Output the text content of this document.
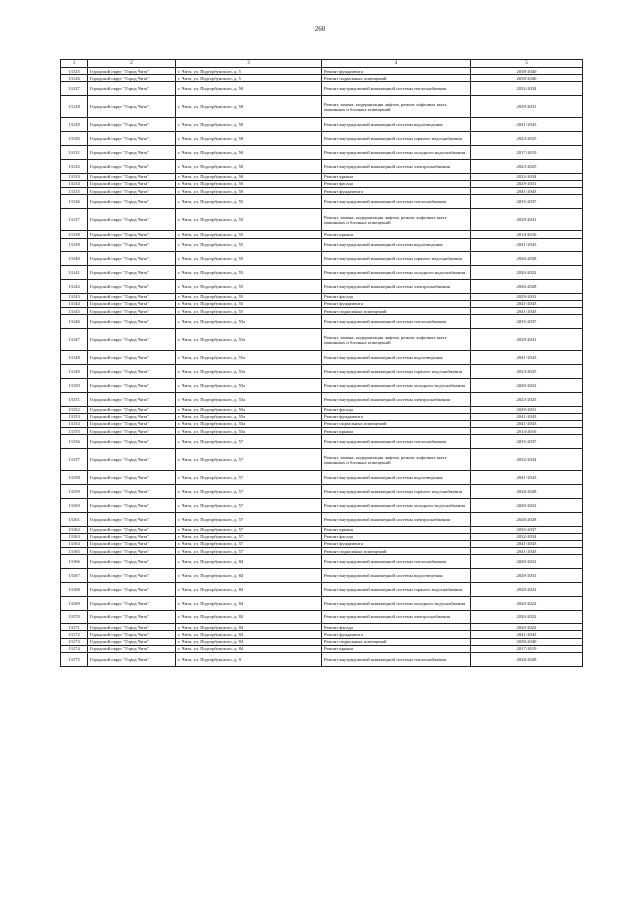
260
1	2	3	4	5
13125	Городской округ "Город Чита"	г. Чита, ул. Подгорбунского, д. 5	Ремонт фундамента	2038-2040
13126	Городской округ "Город Чита"	г. Чита, ул. Подгорбунского, д. 5	Ремонт подвальных помещений	2038-2040
13127	Городской округ "Город Чита"	г. Чита, ул. Подгорбунского, д. 50	Ремонт внутридомовой инженерной системы теплоснабжения	2032-2034
13128	Городской округ "Город Чита"	г. Чита, ул. Подгорбунского, д. 50	Ремонт, замена, модернизация лифтов, ремонт лифтовых шахт, машинных и блочных помещений	2029-2031
13129	Городской округ "Город Чита"	г. Чита, ул. Подгорбунского, д. 50	Ремонт внутридомовой инженерной системы водоотведения	2041-2043
13130	Городской округ "Город Чита"	г. Чита, ул. Подгорбунского, д. 50	Ремонт внутридомовой инженерной системы горячего водоснабжения	2023-2025
13131	Городской округ "Город Чита"	г. Чита, ул. Подгорбунского, д. 50	Ремонт внутридомовой инженерной системы холодного водоснабжения	2017-2019
13132	Городской округ "Город Чита"	г. Чита, ул. Подгорбунского, д. 50	Ремонт внутридомовой инженерной системы электроснабжения	2023-2025
13133	Городской округ "Город Чита"	г. Чита, ул. Подгорбунского, д. 50	Ремонт крыши	2032-2034
13134	Городской округ "Город Чита"	г. Чита, ул. Подгорбунского, д. 50	Ремонт фасада	2029-2031
13135	Городской округ "Город Чита"	г. Чита, ул. Подгорбунского, д. 50	Ремонт фундамента	2041-2043
13136	Городской округ "Город Чита"	г. Чита, ул. Подгорбунского, д. 55	Ремонт внутридомовой инженерной системы теплоснабжения	2035-2037
13137	Городской округ "Город Чита"	г. Чита, ул. Подгорбунского, д. 55	Ремонт, замена, модернизация лифтов, ремонт лифтовых шахт, машинных и блочных помещений	2029-2031
13138	Городской округ "Город Чита"	г. Чита, ул. Подгорбунского, д. 55	Ремонт крыши	2014-2016
13139	Городской округ "Город Чита"	г. Чита, ул. Подгорбунского, д. 55	Ремонт внутридомовой инженерной системы водоотведения	2041-2043
13140	Городской округ "Город Чита"	г. Чита, ул. Подгорбунского, д. 55	Ремонт внутридомовой инженерной системы горячего водоснабжения	2026-2028
13141	Городской округ "Город Чита"	г. Чита, ул. Подгорбунского, д. 55	Ремонт внутридомовой инженерной системы холодного водоснабжения	2020-2022
13142	Городской округ "Город Чита"	г. Чита, ул. Подгорбунского, д. 55	Ремонт внутридомовой инженерной системы электроснабжения	2026-2028
13143	Городской округ "Город Чита"	г. Чита, ул. Подгорбунского, д. 55	Ремонт фасада	2029-2031
13144	Городской округ "Город Чита"	г. Чита, ул. Подгорбунского, д. 55	Ремонт фундамента	2041-2043
13145	Городской округ "Город Чита"	г. Чита, ул. Подгорбунского, д. 55	Ремонт подвальных помещений	2041-2043
13146	Городской округ "Город Чита"	г. Чита, ул. Подгорбунского, д. 55а	Ремонт внутридомовой инженерной системы теплоснабжения	2035-2037
13147	Городской округ "Город Чита"	г. Чита, ул. Подгорбунского, д. 55а	Ремонт, замена, модернизация лифтов, ремонт лифтовых шахт, машинных и блочных помещений	2029-2031
13148	Городской округ "Город Чита"	г. Чита, ул. Подгорбунского, д. 55а	Ремонт внутридомовой инженерной системы водоотведения	2041-2043
13149	Городской округ "Город Чита"	г. Чита, ул. Подгорбунского, д. 55а	Ремонт внутридомовой инженерной системы горячего водоснабжения	2023-2025
13150	Городской округ "Город Чита"	г. Чита, ул. Подгорбунского, д. 55а	Ремонт внутридомовой инженерной системы холодного водоснабжения	2020-2022
13151	Городской округ "Город Чита"	г. Чита, ул. Подгорбунского, д. 55а	Ремонт внутридомовой инженерной системы электроснабжения	2023-2025
13152	Городской округ "Город Чита"	г. Чита, ул. Подгорбунского, д. 55а	Ремонт фасада	2029-2031
13153	Городской округ "Город Чита"	г. Чита, ул. Подгорбунского, д. 55а	Ремонт фундамента	2041-2043
13154	Городской округ "Город Чита"	г. Чита, ул. Подгорбунского, д. 55а	Ремонт подвальных помещений	2041-2043
13155	Городской округ "Город Чита"	г. Чита, ул. Подгорбунского, д. 55а	Ремонт крыши	2014-2016
13156	Городской округ "Город Чита"	г. Чита, ул. Подгорбунского, д. 57	Ремонт внутридомовой инженерной системы теплоснабжения	2035-2037
13157	Городской округ "Город Чита"	г. Чита, ул. Подгорбунского, д. 57	Ремонт, замена, модернизация лифтов, ремонт лифтовых шахт, машинных и блочных помещений	2032-2034
13158	Городской округ "Город Чита"	г. Чита, ул. Подгорбунского, д. 57	Ремонт внутридомовой инженерной системы водоотведения	2041-2043
13159	Городской округ "Город Чита"	г. Чита, ул. Подгорбунского, д. 57	Ремонт внутридомовой инженерной системы горячего водоснабжения	2026-2028
13160	Городской округ "Город Чита"	г. Чита, ул. Подгорбунского, д. 57	Ремонт внутридомовой инженерной системы холодного водоснабжения	2020-2022
13161	Городской округ "Город Чита"	г. Чита, ул. Подгорбунского, д. 57	Ремонт внутридомовой инженерной системы электроснабжения	2026-2028
13162	Городской округ "Город Чита"	г. Чита, ул. Подгорбунского, д. 57	Ремонт крыши	2035-2037
13163	Городской округ "Город Чита"	г. Чита, ул. Подгорбунского, д. 57	Ремонт фасада	2032-2034
13164	Городской округ "Город Чита"	г. Чита, ул. Подгорбунского, д. 57	Ремонт фундамента	2041-2043
13165	Городской округ "Город Чита"	г. Чита, ул. Подгорбунского, д. 57	Ремонт подвальных помещений	2041-2043
13166	Городской округ "Город Чита"	г. Чита, ул. Подгорбунского, д. 84	Ремонт внутридомовой инженерной системы теплоснабжения	2020-2022
13167	Городской округ "Город Чита"	г. Чита, ул. Подгорбунского, д. 84	Ремонт внутридомовой инженерной системы водоотведения	2029-2031
13168	Городской округ "Город Чита"	г. Чита, ул. Подгорбунского, д. 84	Ремонт внутридомовой инженерной системы горячего водоснабжения	2020-2022
13169	Городской округ "Город Чита"	г. Чита, ул. Подгорбунского, д. 84	Ремонт внутридомовой инженерной системы холодного водоснабжения	2020-2022
13170	Городской округ "Город Чита"	г. Чита, ул. Подгорбунского, д. 84	Ремонт внутридомовой инженерной системы электроснабжения	2020-2022
13171	Городской округ "Город Чита"	г. Чита, ул. Подгорбунского, д. 84	Ремонт фасада	2020-2022
13172	Городской округ "Город Чита"	г. Чита, ул. Подгорбунского, д. 84	Ремонт фундамента	2041-2043
13173	Городской округ "Город Чита"	г. Чита, ул. Подгорбунского, д. 84	Ремонт подвальных помещений	2038-2040
13174	Городской округ "Город Чита"	г. Чита, ул. Подгорбунского, д. 84	Ремонт крыши	2017-2019
13175	Городской округ "Город Чита"	г. Чита, ул. Подгорбунского, д. 9	Ремонт внутридомовой инженерной системы теплоснабжения	2026-2028
